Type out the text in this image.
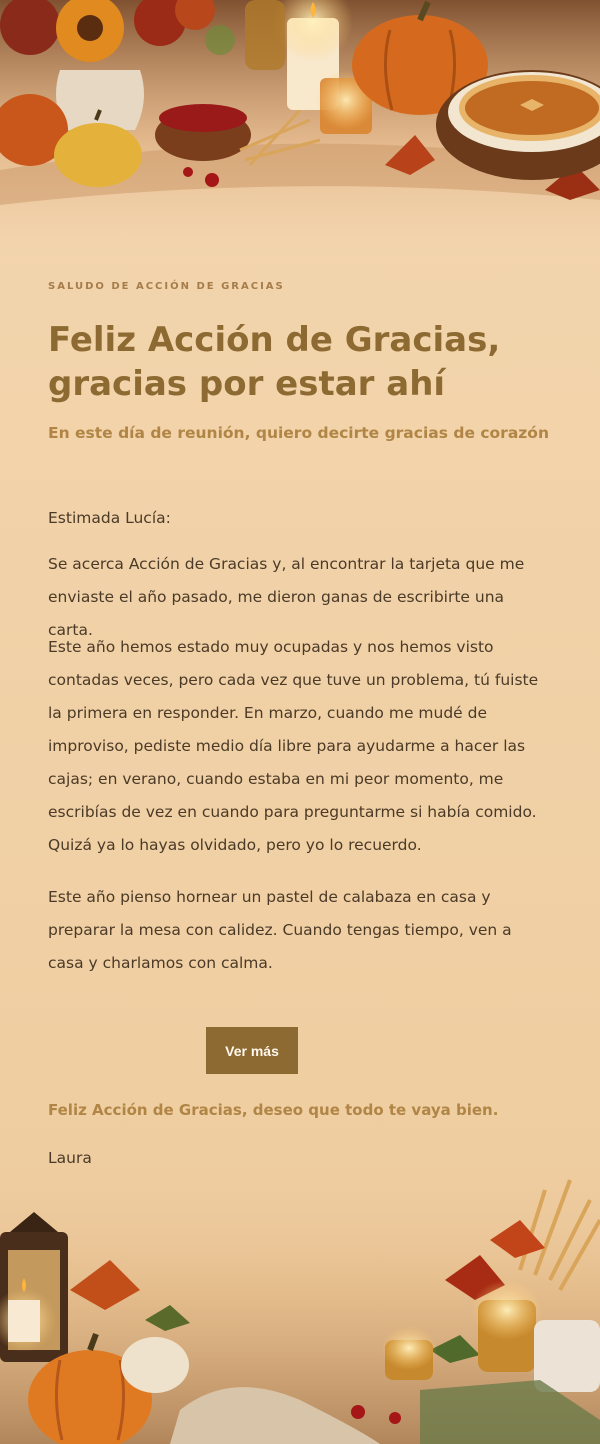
SALUDO DE ACCIÓN DE GRACIAS
Feliz Acción de Gracias, gracias por estar ahí
En este día de reunión, quiero decirte gracias de corazón

Estimada Lucía:

Se acerca Acción de Gracias y, al encontrar la tarjeta que me enviaste el año pasado, me dieron ganas de escribirte una carta.

Este año hemos estado muy ocupadas y nos hemos visto contadas veces, pero cada vez que tuve un problema, tú fuiste la primera en responder. En marzo, cuando me mudé de improviso, pediste medio día libre para ayudarme a hacer las cajas; en verano, cuando estaba en mi peor momento, me escribías de vez en cuando para preguntarme si había comido. Quizá ya lo hayas olvidado, pero yo lo recuerdo.

Este año pienso hornear un pastel de calabaza en casa y preparar la mesa con calidez. Cuando tengas tiempo, ven a casa y charlamos con calma.

Feliz Acción de Gracias, deseo que todo te vaya bien.
Laura
Ver más
